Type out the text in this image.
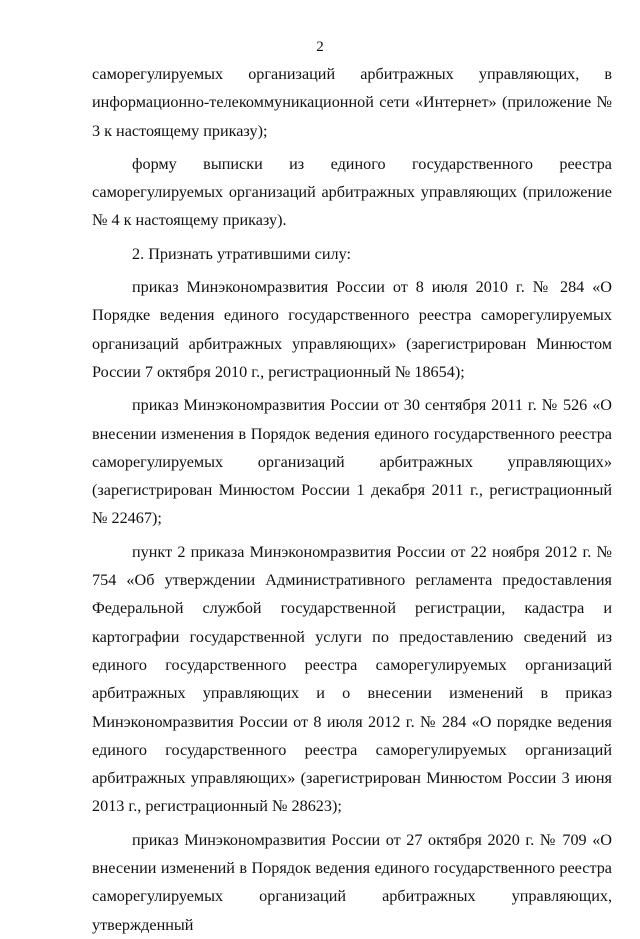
2

саморегулируемых организаций арбитражных управляющих, в информационно-телекоммуникационной сети «Интернет» (приложение № 3 к настоящему приказу);

форму выписки из единого государственного реестра саморегулируемых организаций арбитражных управляющих (приложение № 4 к настоящему приказу).

2. Признать утратившими силу:

приказ Минэкономразвития России от 8 июля 2010 г. № 284 «О Порядке ведения единого государственного реестра саморегулируемых организаций арбитражных управляющих» (зарегистрирован Минюстом России 7 октября 2010 г., регистрационный № 18654);

приказ Минэкономразвития России от 30 сентября 2011 г. № 526 «О внесении изменения в Порядок ведения единого государственного реестра саморегулируемых организаций арбитражных управляющих» (зарегистрирован Минюстом России 1 декабря 2011 г., регистрационный № 22467);

пункт 2 приказа Минэкономразвития России от 22 ноября 2012 г. № 754 «Об утверждении Административного регламента предоставления Федеральной службой государственной регистрации, кадастра и картографии государственной услуги по предоставлению сведений из единого государственного реестра саморегулируемых организаций арбитражных управляющих и о внесении изменений в приказ Минэкономразвития России от 8 июля 2012 г. № 284 «О порядке ведения единого государственного реестра саморегулируемых организаций арбитражных управляющих» (зарегистрирован Минюстом России 3 июня 2013 г., регистрационный № 28623);

приказ Минэкономразвития России от 27 октября 2020 г. № 709 «О внесении изменений в Порядок ведения единого государственного реестра саморегулируемых организаций арбитражных управляющих, утвержденный
